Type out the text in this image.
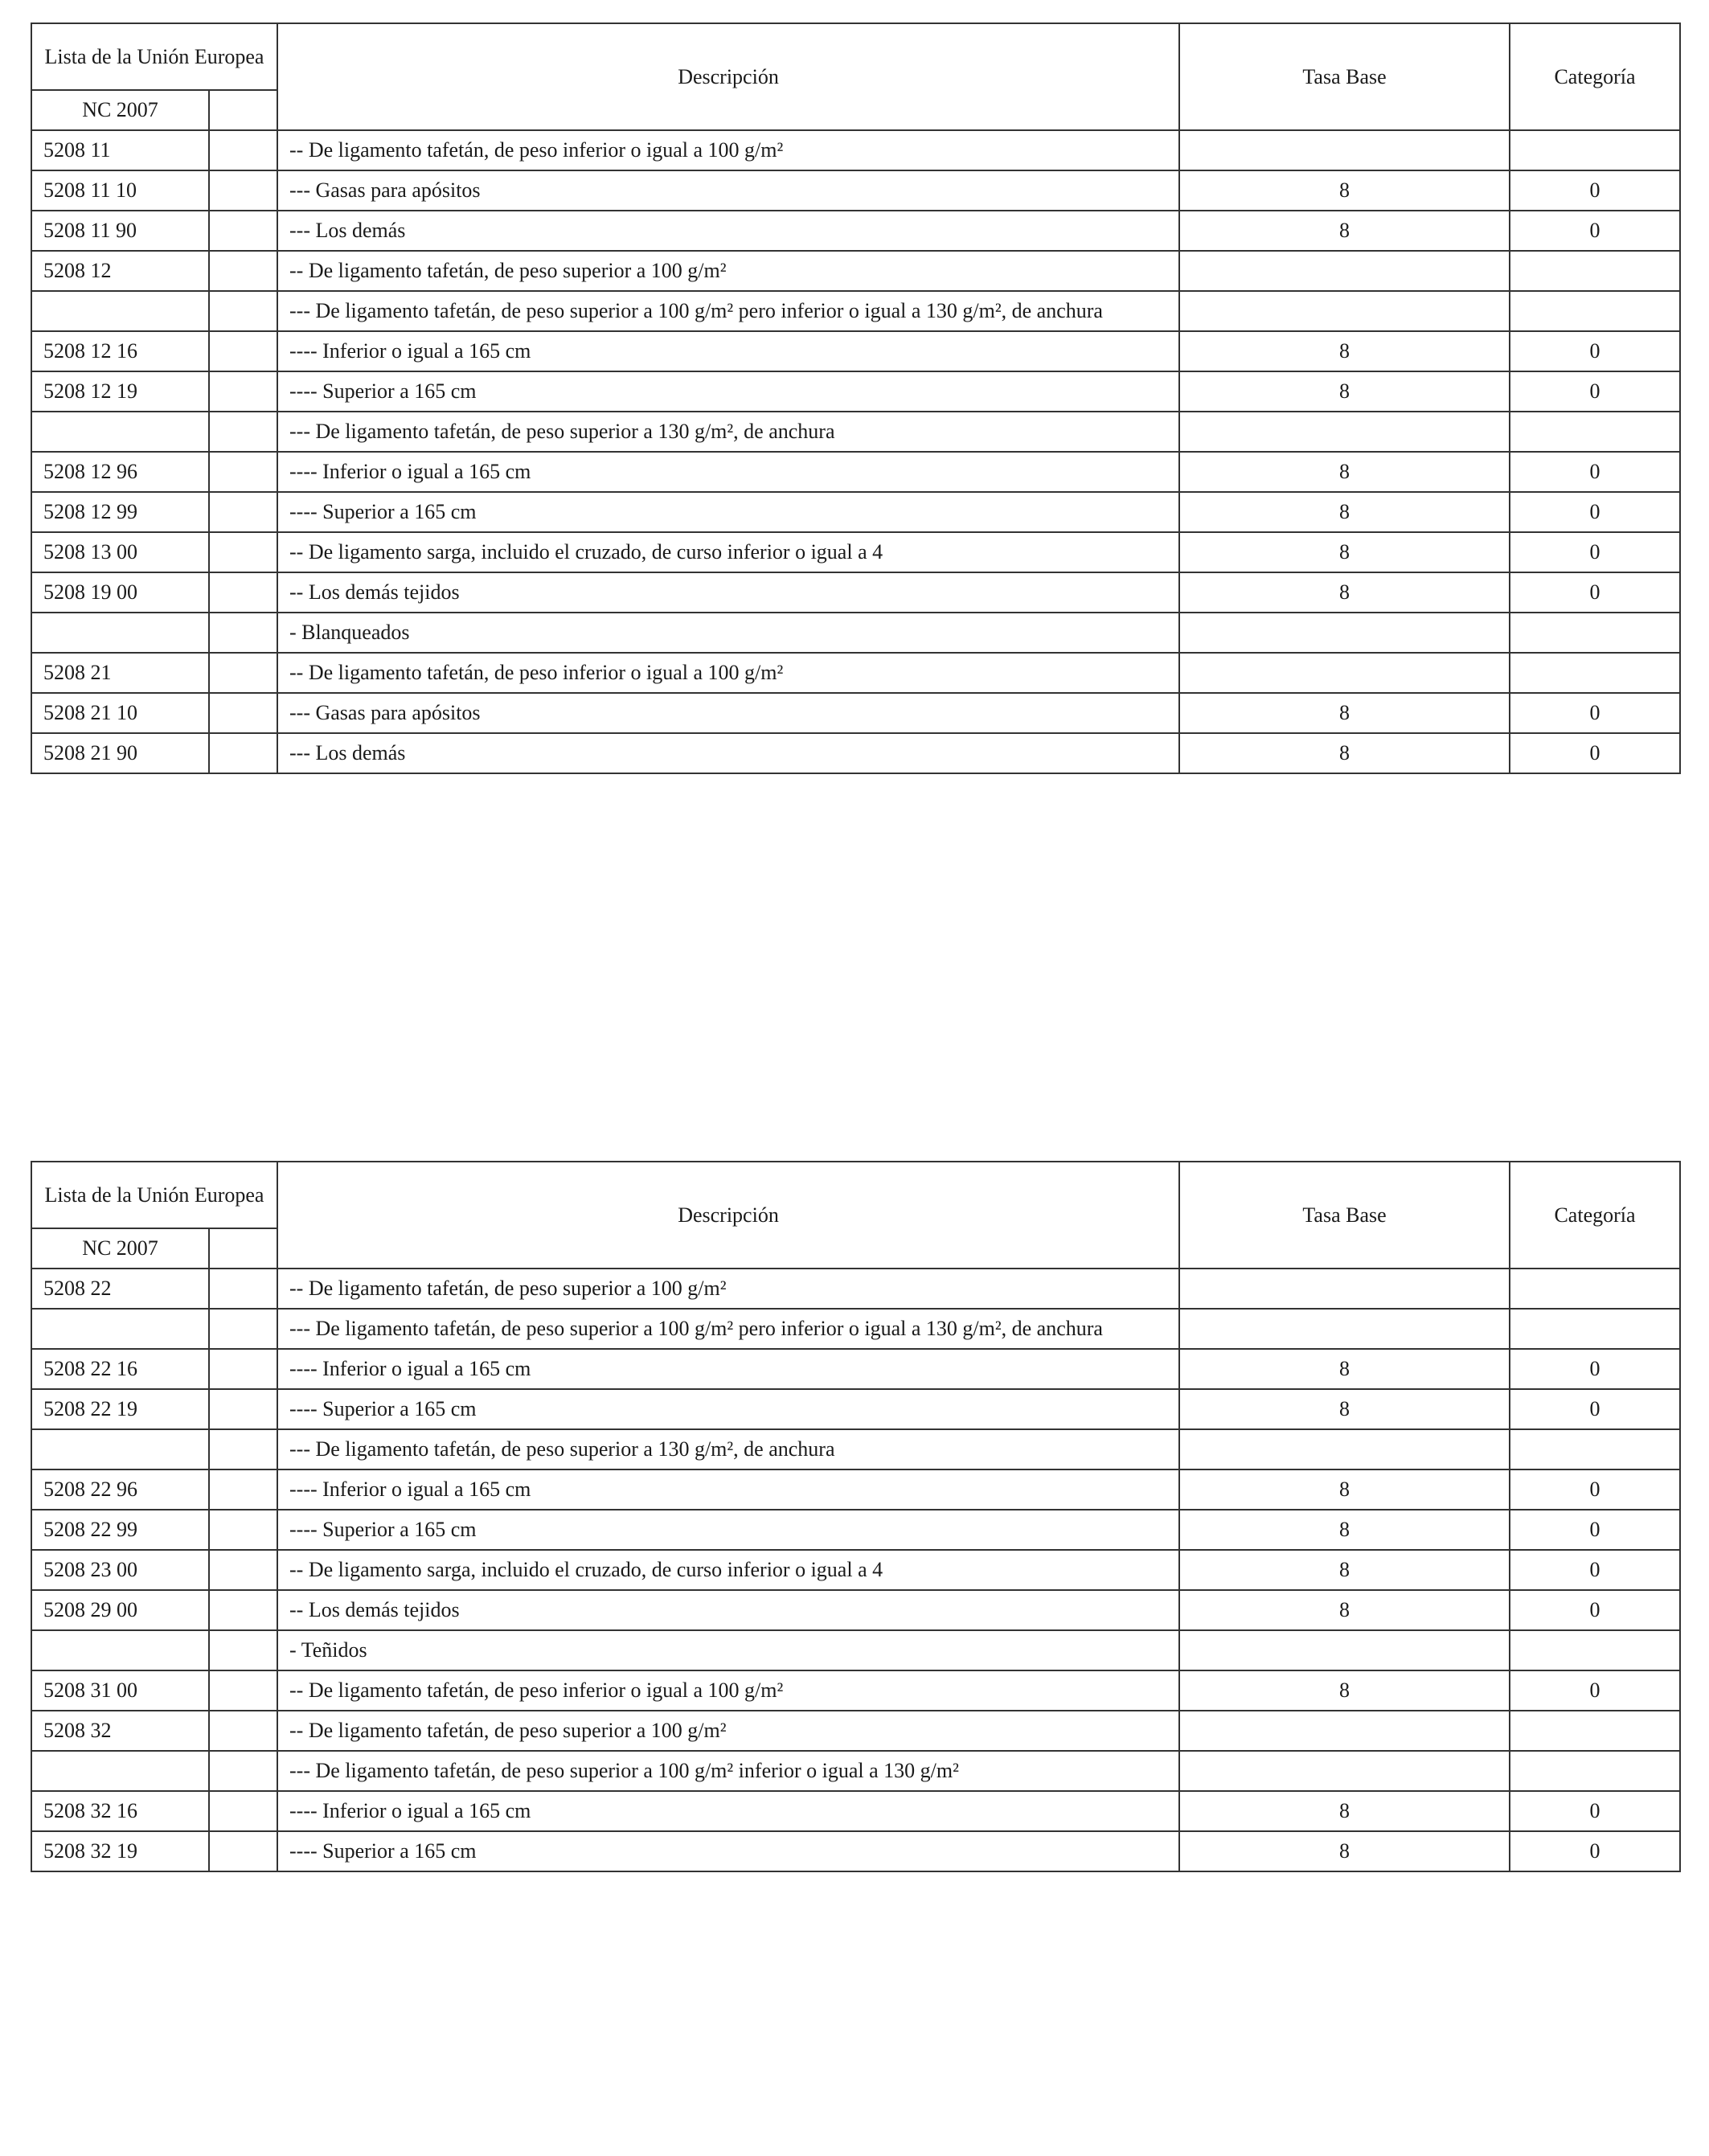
Lista de la Unión Europea		Descripción	Tasa Base	Categoría
NC 2007				
5208 11		-- De ligamento tafetán, de peso inferior o igual a 100 g/m²		
5208 11 10		--- Gasas para apósitos	8	0
5208 11 90		--- Los demás	8	0
5208 12		-- De ligamento tafetán, de peso superior a 100 g/m²		
		--- De ligamento tafetán, de peso superior a 100 g/m² pero inferior o igual a 130 g/m², de anchura		
5208 12 16		---- Inferior o igual a 165 cm	8	0
5208 12 19		---- Superior a 165 cm	8	0
		--- De ligamento tafetán, de peso superior a 130 g/m², de anchura		
5208 12 96		---- Inferior o igual a 165 cm	8	0
5208 12 99		---- Superior a 165 cm	8	0
5208 13 00		-- De ligamento sarga, incluido el cruzado, de curso inferior o igual a 4	8	0
5208 19 00		-- Los demás tejidos	8	0
		- Blanqueados		
5208 21		-- De ligamento tafetán, de peso inferior o igual a 100 g/m²		
5208 21 10		--- Gasas para apósitos	8	0
5208 21 90		--- Los demás	8	0
Lista de la Unión Europea		Descripción	Tasa Base	Categoría
NC 2007				
5208 22		-- De ligamento tafetán, de peso superior a 100 g/m²		
		--- De ligamento tafetán, de peso superior a 100 g/m² pero inferior o igual a 130 g/m², de anchura		
5208 22 16		---- Inferior o igual a 165 cm	8	0
5208 22 19		---- Superior a 165 cm	8	0
		--- De ligamento tafetán, de peso superior a 130 g/m², de anchura		
5208 22 96		---- Inferior o igual a 165 cm	8	0
5208 22 99		---- Superior a 165 cm	8	0
5208 23 00		-- De ligamento sarga, incluido el cruzado, de curso inferior o igual a 4	8	0
5208 29 00		-- Los demás tejidos	8	0
		- Teñidos		
5208 31 00		-- De ligamento tafetán, de peso inferior o igual a 100 g/m²	8	0
5208 32		-- De ligamento tafetán, de peso superior a 100 g/m²		
		--- De ligamento tafetán, de peso superior a 100 g/m² inferior o igual a 130 g/m²		
5208 32 16		---- Inferior o igual a 165 cm	8	0
5208 32 19		---- Superior a 165 cm	8	0
